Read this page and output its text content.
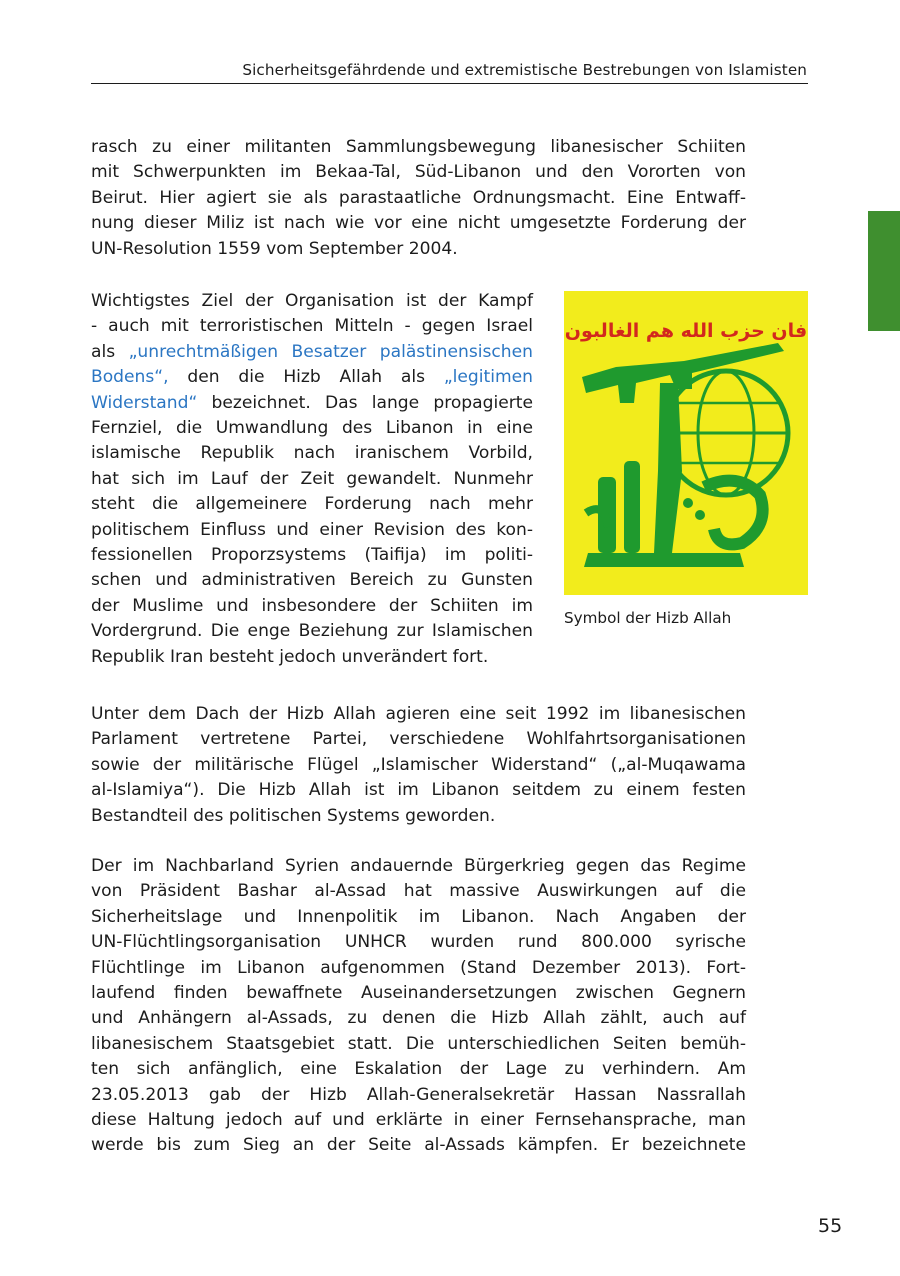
Sicherheitsgefährdende und extremistische Bestrebungen von Islamisten
rasch zu einer militanten Sammlungsbewegung libanesischer Schiiten
mit Schwerpunkten im Bekaa-Tal, Süd-Libanon und den Vororten von
Beirut. Hier agiert sie als parastaatliche Ordnungsmacht. Eine Entwaff-
nung dieser Miliz ist nach wie vor eine nicht umgesetzte Forderung der
UN-Resolution 1559 vom September 2004.
Wichtigstes Ziel der Organisation ist der Kampf
- auch mit terroristischen Mitteln - gegen Israel
als „unrechtmäßigen Besatzer palästinensischen
Bodens“, den die Hizb Allah als „legitimen
Widerstand“ bezeichnet. Das lange propagierte
Fernziel, die Umwandlung des Libanon in eine
islamische Republik nach iranischem Vorbild,
hat sich im Lauf der Zeit gewandelt. Nunmehr
steht die allgemeinere Forderung nach mehr
politischem Einfluss und einer Revision des kon-
fessionellen Proporzsystems (Taifija) im politi-
schen und administrativen Bereich zu Gunsten
der Muslime und insbesondere der Schiiten im
Vordergrund. Die enge Beziehung zur Islamischen
Republik Iran besteht jedoch unverändert fort.
فان حزب الله هم الغالبون
Symbol der Hizb Allah
Unter dem Dach der Hizb Allah agieren eine seit 1992 im libanesischen
Parlament vertretene Partei, verschiedene Wohlfahrtsorganisationen
sowie der militärische Flügel „Islamischer Widerstand“ („al-Muqawama
al-Islamiya“). Die Hizb Allah ist im Libanon seitdem zu einem festen
Bestandteil des politischen Systems geworden.
Der im Nachbarland Syrien andauernde Bürgerkrieg gegen das Regime
von Präsident Bashar al-Assad hat massive Auswirkungen auf die
Sicherheitslage und Innenpolitik im Libanon. Nach Angaben der
UN-Flüchtlingsorganisation UNHCR wurden rund 800.000 syrische
Flüchtlinge im Libanon aufgenommen (Stand Dezember 2013). Fort-
laufend finden bewaffnete Auseinandersetzungen zwischen Gegnern
und Anhängern al-Assads, zu denen die Hizb Allah zählt, auch auf
libanesischem Staatsgebiet statt. Die unterschiedlichen Seiten bemüh-
ten sich anfänglich, eine Eskalation der Lage zu verhindern. Am
23.05.2013 gab der Hizb Allah-Generalsekretär Hassan Nassrallah
diese Haltung jedoch auf und erklärte in einer Fernsehansprache, man
werde bis zum Sieg an der Seite al-Assads kämpfen. Er bezeichnete
55
